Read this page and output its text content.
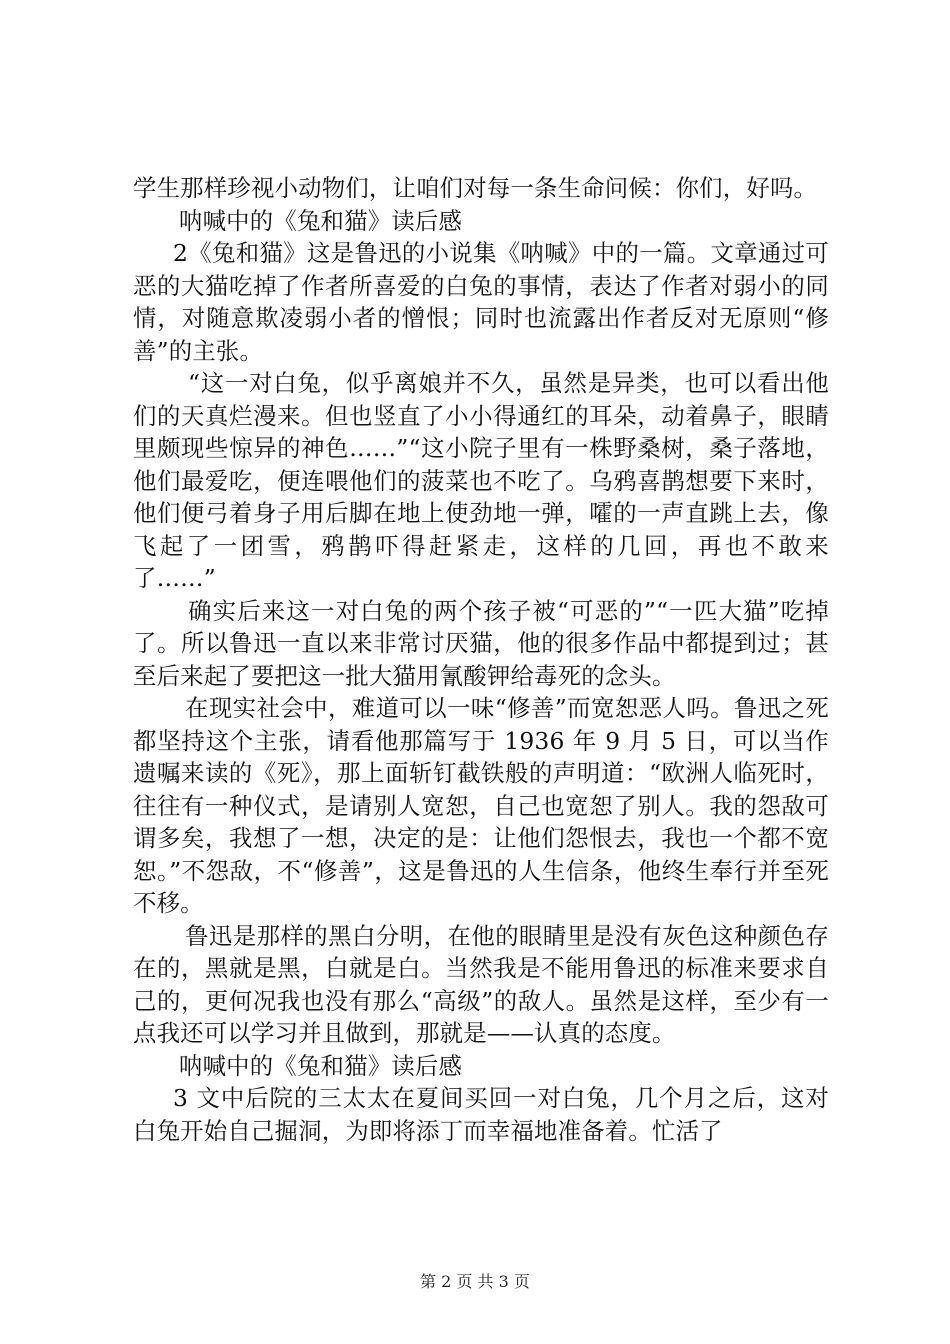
学生那样珍视小动物们，让咱们对每一条生命问候：你们，好吗。

呐喊中的《兔和猫》读后感

2《兔和猫》这是鲁迅的小说集《呐喊》中的一篇。文章通过可恶的大猫吃掉了作者所喜爱的白兔的事情，表达了作者对弱小的同情，对随意欺凌弱小者的憎恨；同时也流露出作者反对无原则“修善”的主张。

“这一对白兔，似乎离娘并不久，虽然是异类，也可以看出他们的天真烂漫来。但也竖直了小小得通红的耳朵，动着鼻子，眼睛里颇现些惊异的神色……”“这小院子里有一株野桑树，桑子落地，他们最爱吃，便连喂他们的菠菜也不吃了。乌鸦喜鹊想要下来时，他们便弓着身子用后脚在地上使劲地一弹，嚯的一声直跳上去，像飞起了一团雪，鸦鹊吓得赶紧走，这样的几回，再也不敢来了……”

确实后来这一对白兔的两个孩子被“可恶的”“一匹大猫”吃掉了。所以鲁迅一直以来非常讨厌猫，他的很多作品中都提到过；甚至后来起了要把这一批大猫用氰酸钾给毒死的念头。

在现实社会中，难道可以一味“修善”而宽恕恶人吗。鲁迅之死都坚持这个主张，请看他那篇写于 1936 年 9 月 5 日，可以当作遗嘱来读的《死》，那上面斩钉截铁般的声明道：“欧洲人临死时，往往有一种仪式，是请别人宽恕，自己也宽恕了别人。我的怨敌可谓多矣，我想了一想，决定的是：让他们怨恨去，我也一个都不宽恕。”不怨敌，不“修善”，这是鲁迅的人生信条，他终生奉行并至死不移。

鲁迅是那样的黑白分明，在他的眼睛里是没有灰色这种颜色存在的，黑就是黑，白就是白。当然我是不能用鲁迅的标准来要求自己的，更何况我也没有那么“高级”的敌人。虽然是这样，至少有一点我还可以学习并且做到，那就是——认真的态度。

呐喊中的《兔和猫》读后感

3 文中后院的三太太在夏间买回一对白兔，几个月之后，这对白兔开始自己掘洞，为即将添丁而幸福地准备着。忙活了

第 2 页 共 3 页
